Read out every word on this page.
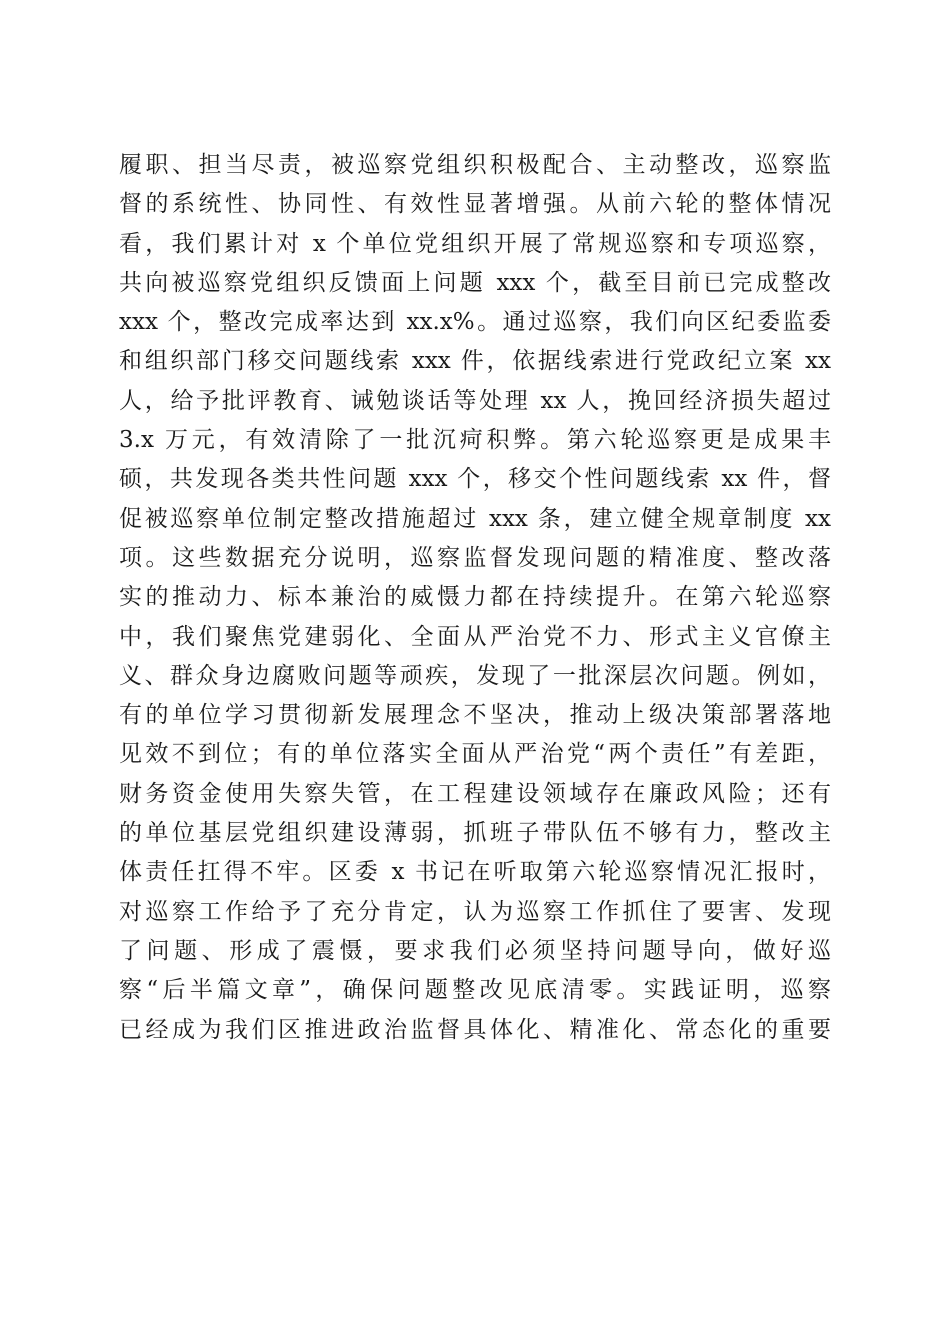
履职、担当尽责，被巡察党组织积极配合、主动整改，巡察监
督的系统性、协同性、有效性显著增强。从前六轮的整体情况
看，我们累计对 x 个单位党组织开展了常规巡察和专项巡察，
共向被巡察党组织反馈面上问题 xxx 个，截至目前已完成整改
xxx 个，整改完成率达到 xx.x%。通过巡察，我们向区纪委监委
和组织部门移交问题线索 xxx 件，依据线索进行党政纪立案 xx
人，给予批评教育、诫勉谈话等处理 xx 人，挽回经济损失超过
3.x 万元，有效清除了一批沉疴积弊。第六轮巡察更是成果丰
硕，共发现各类共性问题 xxx 个，移交个性问题线索 xx 件，督
促被巡察单位制定整改措施超过 xxx 条，建立健全规章制度 xx
项。这些数据充分说明，巡察监督发现问题的精准度、整改落
实的推动力、标本兼治的威慑力都在持续提升。在第六轮巡察
中，我们聚焦党建弱化、全面从严治党不力、形式主义官僚主
义、群众身边腐败问题等顽疾，发现了一批深层次问题。例如，
有的单位学习贯彻新发展理念不坚决，推动上级决策部署落地
见效不到位；有的单位落实全面从严治党“两个责任”有差距，
财务资金使用失察失管，在工程建设领域存在廉政风险；还有
的单位基层党组织建设薄弱，抓班子带队伍不够有力，整改主
体责任扛得不牢。区委 x 书记在听取第六轮巡察情况汇报时，
对巡察工作给予了充分肯定，认为巡察工作抓住了要害、发现
了问题、形成了震慑，要求我们必须坚持问题导向，做好巡
察“后半篇文章”，确保问题整改见底清零。实践证明，巡察
已经成为我们区推进政治监督具体化、精准化、常态化的重要
